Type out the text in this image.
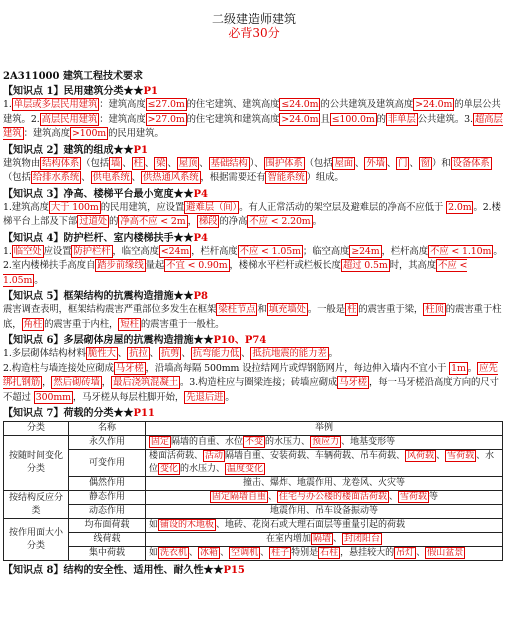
二级建造师建筑
必背30分
2A311000 建筑工程技术要求
【知识点 1】民用建筑分类★★P1
1. 单层或多层民用建筑 ：建筑高度 ≤27.0m 的住宅建筑、建筑高度 ≤24.0m 的公共建筑及建筑高度 >24.0m 的单层公共建筑。2. 高层民用建筑 ：建筑高度 >27.0m 的住宅建筑和建筑高度 >24.0m 且 ≤100.0m 的 非单层 公共建筑。3. 超高层建筑 ：建筑高度 >100m 的民用建筑。
【知识点 2】建筑的组成★★P1
建筑物由 结构体系 （包括 墙 、 柱 、 梁 、 屋顶 、 基础结构 ）、 围护体系 （包括 屋面 、 外墙 、 门 、 窗 ）和 设备体系（包括 给排水系统 、 供电系统 、 供热通风系统 ，根据需要还有 智能系统 ）组成。
【知识点 3】净高、楼梯平台最小宽度★★P4
1.建筑高度 大于 100m 的民用建筑，应设置 避难层（间） 。有人正常活动的架空层及避难层的净高不应低于 2.0m 。2.楼梯平台上部及下部 过道处 的 净高不应 < 2m ， 梯段 的净高 不应 < 2.20m 。
【知识点 4】防护栏杆、室内楼梯扶手★★P4
1. 临空处 应设置 防护栏杆 ，临空高度 <24m ，栏杆高度 不应 < 1.05m ；临空高度 ≥24m ，栏杆高度 不应 < 1.10m 。2.室内楼梯扶手高度自 踏步前缘线 量起 不宜 < 0.90m ，楼梯水平栏杆或栏板长度 超过 0.5m 时，其高度 不应 < 1.05m 。
【知识点 5】框架结构的抗震构造措施★★P8
震害调查表明，框架结构震害严重部位多发生在框架 梁柱节点 和 填充墙处 。一般是 柱 的震害重于梁， 柱顶 的震害重于柱底， 角柱 的震害重于内柱， 短柱 的震害重于一般柱。
【知识点 6】多层砌体房屋的抗震构造措施★★P10、P74
1.多层砌体结构材料 脆性大 、 抗拉 、 抗剪 、 抗弯能力低 、 抵抗地震的能力差 。
2.构造柱与墙连接处应砌成 马牙槎 ，沿墙高每隔 500mm 设拉结网片或焊钢筋网片，每边伸入墙内不宜小于 1m 。 应先绑扎钢筋 ， 然后砌砖墙 ， 最后浇筑混凝土 。3.构造柱应与圈梁连接；砖墙应砌成 马牙槎 ，每一马牙槎沿高度方向的尺寸不超过 300mm ，马牙槎从每层柱脚开始， 先退后进 。
【知识点 7】荷载的分类★★P11
分类	名称	举例
按随时间变化分类	永久作用	固定 隔墙的自重、水位 不变 的水压力、 预应力 、地基变形等
	可变作用	楼面活荷载、 活动 隔墙自重、安装荷载、车辆荷载、吊车荷载、 风荷载 、 雪荷载 、水位 变化 的水压力、 温度变化
	偶然作用	撞击、爆炸、地震作用、龙卷风、火灾等
按结构反应分类	静态作用	固定隔墙自重 、 住宅与办公楼的楼面活荷载 、 雪荷载 等
	动态作用	地震作用、吊车设备振动等
按作用面大小分类	均布面荷载	如 铺设的木地板 、地砖、花岗石或大理石面层等重量引起的荷载
	线荷载	在室内增加 隔墙 、 封闭阳台
	集中荷载	如 洗衣机 、 冰箱 、 空调机 、 柱子 特别是 石柱 ，悬挂较大的 吊灯 、 假山盆景
【知识点 8】结构的安全性、适用性、耐久性★★P15
